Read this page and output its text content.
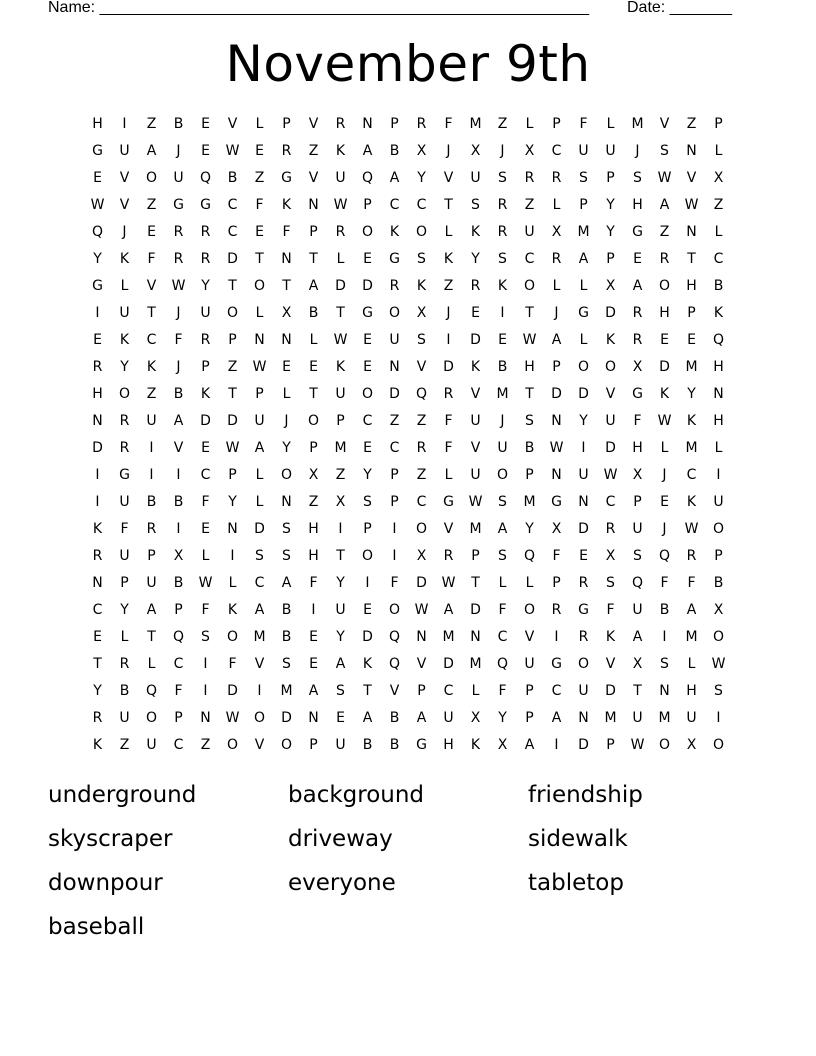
Name: _______________________________________________________ Date: _______
November 9th
H	I	Z	B	E	V	L	P	V	R	N	P	R	F	M	Z	L	P	F	L	M	V	Z	P
G	U	A	J	E	W	E	R	Z	K	A	B	X	J	X	J	X	C	U	U	J	S	N	L
E	V	O	U	Q	B	Z	G	V	U	Q	A	Y	V	U	S	R	R	S	P	S	W	V	X
W	V	Z	G	G	C	F	K	N	W	P	C	C	T	S	R	Z	L	P	Y	H	A	W	Z
Q	J	E	R	R	C	E	F	P	R	O	K	O	L	K	R	U	X	M	Y	G	Z	N	L
Y	K	F	R	R	D	T	N	T	L	E	G	S	K	Y	S	C	R	A	P	E	R	T	C
G	L	V	W	Y	T	O	T	A	D	D	R	K	Z	R	K	O	L	L	X	A	O	H	B
I	U	T	J	U	O	L	X	B	T	G	O	X	J	E	I	T	J	G	D	R	H	P	K
E	K	C	F	R	P	N	N	L	W	E	U	S	I	D	E	W	A	L	K	R	E	E	Q
R	Y	K	J	P	Z	W	E	E	K	E	N	V	D	K	B	H	P	O	O	X	D	M	H
H	O	Z	B	K	T	P	L	T	U	O	D	Q	R	V	M	T	D	D	V	G	K	Y	N
N	R	U	A	D	D	U	J	O	P	C	Z	Z	F	U	J	S	N	Y	U	F	W	K	H
D	R	I	V	E	W	A	Y	P	M	E	C	R	F	V	U	B	W	I	D	H	L	M	L
I	G	I	I	C	P	L	O	X	Z	Y	P	Z	L	U	O	P	N	U	W	X	J	C	I
I	U	B	B	F	Y	L	N	Z	X	S	P	C	G	W	S	M	G	N	C	P	E	K	U
K	F	R	I	E	N	D	S	H	I	P	I	O	V	M	A	Y	X	D	R	U	J	W	O
R	U	P	X	L	I	S	S	H	T	O	I	X	R	P	S	Q	F	E	X	S	Q	R	P
N	P	U	B	W	L	C	A	F	Y	I	F	D	W	T	L	L	P	R	S	Q	F	F	B
C	Y	A	P	F	K	A	B	I	U	E	O	W	A	D	F	O	R	G	F	U	B	A	X
E	L	T	Q	S	O	M	B	E	Y	D	Q	N	M	N	C	V	I	R	K	A	I	M	O
T	R	L	C	I	F	V	S	E	A	K	Q	V	D	M	Q	U	G	O	V	X	S	L	W
Y	B	Q	F	I	D	I	M	A	S	T	V	P	C	L	F	P	C	U	D	T	N	H	S
R	U	O	P	N	W	O	D	N	E	A	B	A	U	X	Y	P	A	N	M	U	M	U	I
K	Z	U	C	Z	O	V	O	P	U	B	B	G	H	K	X	A	I	D	P	W	O	X	O
underground	background	friendship
skyscraper	driveway	sidewalk
downpour	everyone	tabletop
baseball
